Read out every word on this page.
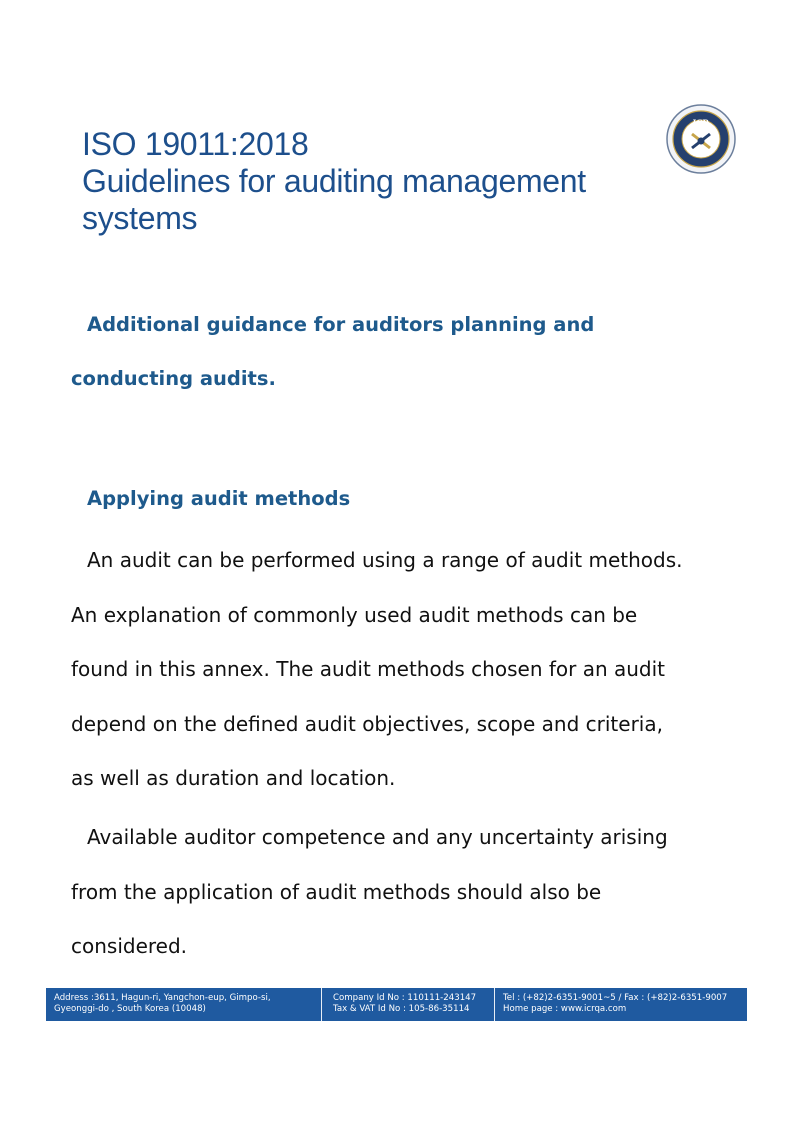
ISO 19011:2018
Guidelines for auditing management
systems
ICR
Additional guidance for auditors planning and
conducting audits.
Applying audit methods
An audit can be performed using a range of audit methods.
An explanation of commonly used audit methods can be
found in this annex. The audit methods chosen for an audit
depend on the defined audit objectives, scope and criteria,
as well as duration and location.
Available auditor competence and any uncertainty arising
from the application of audit methods should also be
considered.
Address :3611, Hagun-ri, Yangchon-eup, Gimpo-si,
Gyeonggi-do , South Korea (10048)
Company Id No : 110111-243147
Tax & VAT Id No : 105-86-35114
Tel : (+82)2-6351-9001~5 / Fax : (+82)2-6351-9007
Home page : www.icrqa.com
